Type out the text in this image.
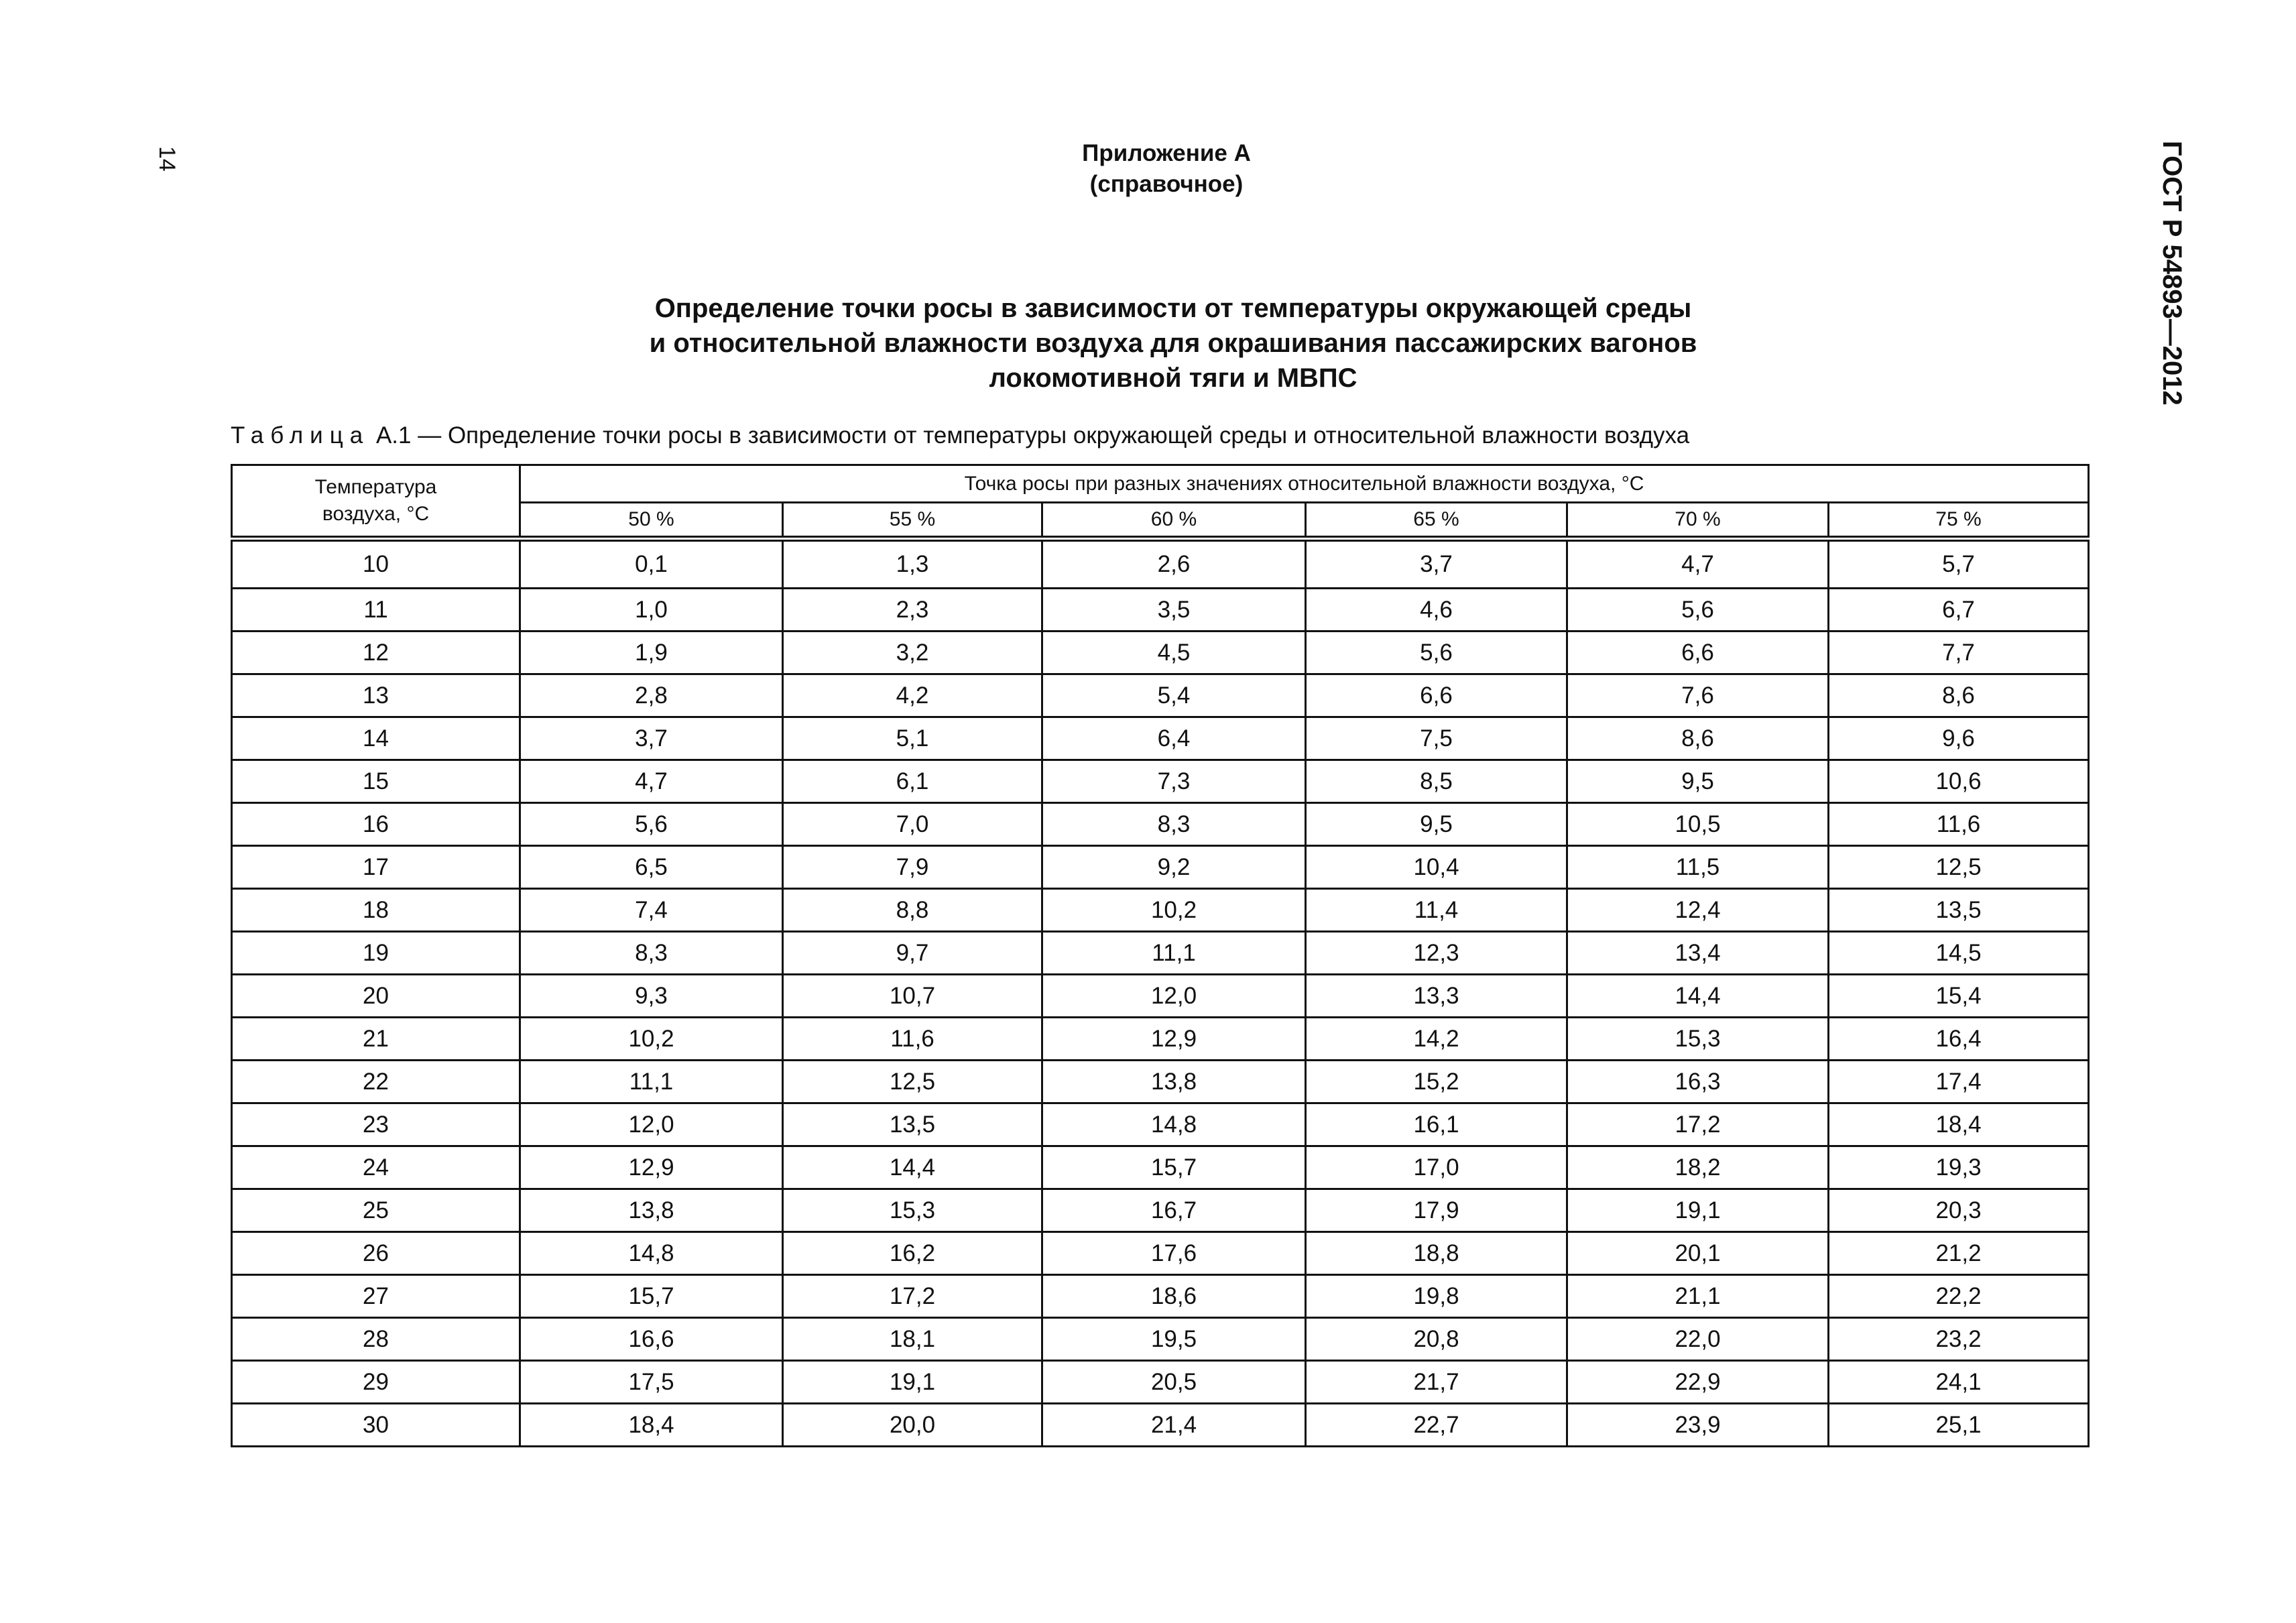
14	ГОСТ Р 54893—2012
Приложение А
(справочное)
Определение точки росы в зависимости от температуры окружающей среды
и относительной влажности воздуха для окрашивания пассажирских вагонов
локомотивной тяги и МВПС
Таблица А.1 — Определение точки росы в зависимости от температуры окружающей среды и относительной влажности воздуха
Температура воздуха, °С	Точка росы при разных значениях относительной влажности воздуха, °С					
	50 %	55 %	60 %	65 %	70 %	75 %
10	0,1	1,3	2,6	3,7	4,7	5,7
11	1,0	2,3	3,5	4,6	5,6	6,7
12	1,9	3,2	4,5	5,6	6,6	7,7
13	2,8	4,2	5,4	6,6	7,6	8,6
14	3,7	5,1	6,4	7,5	8,6	9,6
15	4,7	6,1	7,3	8,5	9,5	10,6
16	5,6	7,0	8,3	9,5	10,5	11,6
17	6,5	7,9	9,2	10,4	11,5	12,5
18	7,4	8,8	10,2	11,4	12,4	13,5
19	8,3	9,7	11,1	12,3	13,4	14,5
20	9,3	10,7	12,0	13,3	14,4	15,4
21	10,2	11,6	12,9	14,2	15,3	16,4
22	11,1	12,5	13,8	15,2	16,3	17,4
23	12,0	13,5	14,8	16,1	17,2	18,4
24	12,9	14,4	15,7	17,0	18,2	19,3
25	13,8	15,3	16,7	17,9	19,1	20,3
26	14,8	16,2	17,6	18,8	20,1	21,2
27	15,7	17,2	18,6	19,8	21,1	22,2
28	16,6	18,1	19,5	20,8	22,0	23,2
29	17,5	19,1	20,5	21,7	22,9	24,1
30	18,4	20,0	21,4	22,7	23,9	25,1
